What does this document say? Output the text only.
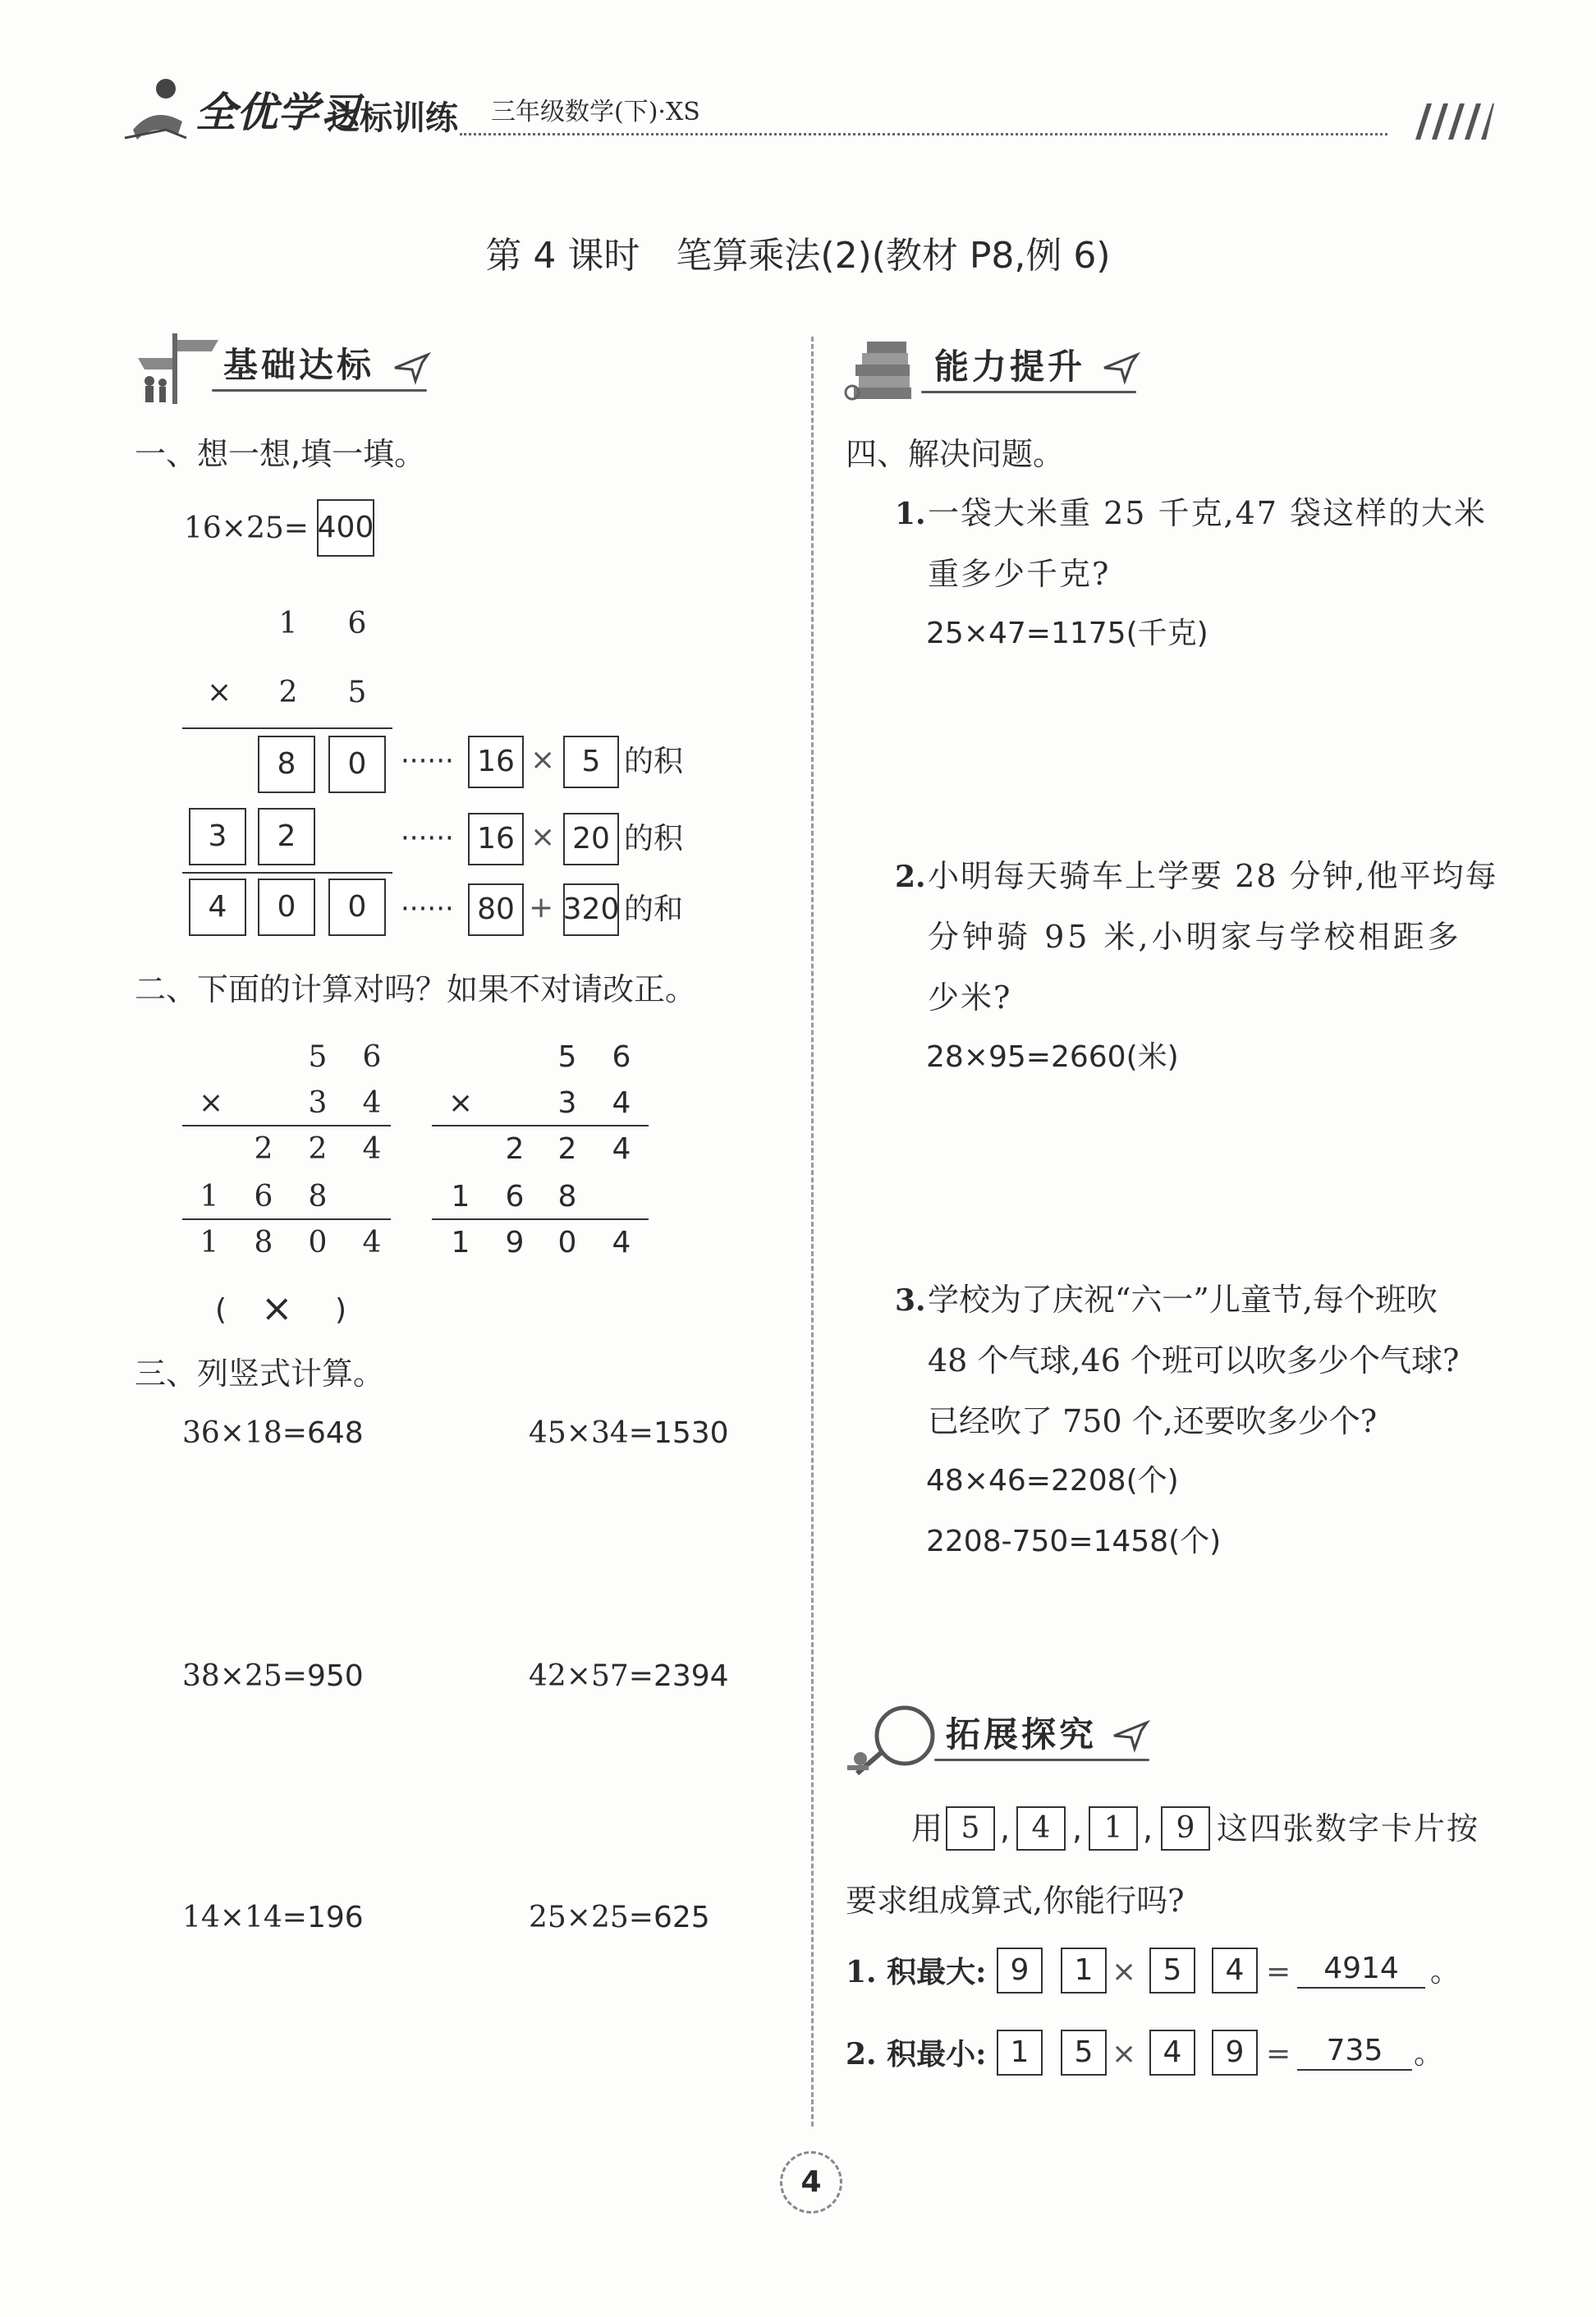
全优学习
达标训练 三年级数学(下)·XS
第 4 课时　笔算乘法(2)(教材 P8,例 6)
基础达标	能力提升
拓展探究
一、想一想,填一填。
16×25= 400
1 6
× 2 5
8	0	······ 16 × 5 的积
3	2	······ 16 × 20 的积
4	0	0	······ 80 + 320 的和
二、下面的计算对吗？如果不对请改正。
5 6
×	3 4
2 2 4
1 6 8
1 8 0 4
5 6
×	3 4
2 2 4
1 6 8
1 9 0 4
( × )
三、列竖式计算。
36×18=648	45×34=1530
38×25=950	42×57=2394
14×14=196	25×25=625
四、解决问题。
1. 一袋大米重 25 千克,47 袋这样的大米
重多少千克?
25×47=1175(千克)
2. 小明每天骑车上学要 28 分钟,他平均每
分钟骑 95 米,小明家与学校相距多
少米?
28×95=2660(米)
3. 学校为了庆祝“六一”儿童节,每个班吹
48 个气球,46 个班可以吹多少个气球?
已经吹了 750 个,还要吹多少个?
48×46=2208(个)
2208-750=1458(个)
用 5 , 4 , 1 , 9 这四张数字卡片按
要求组成算式,你能行吗?
1. 积最大: 9	1 × 5	4 =	4914	。
2. 积最小: 1	5 × 4	9 =	735	。
4
